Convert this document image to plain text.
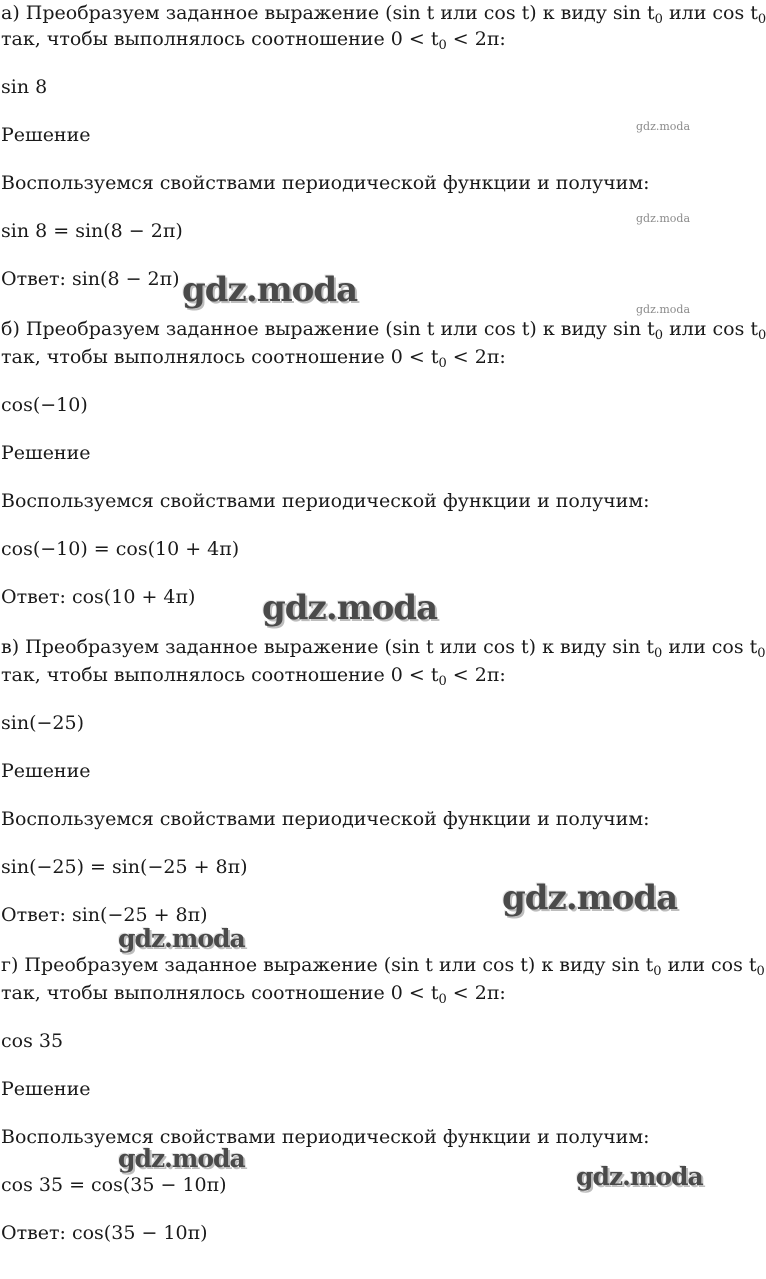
а) Преобразуем заданное выражение (sin t или cos t) к виду $\sin t_0$ или $\cos t_0$

так, чтобы выполнялось соотношение $0 < t_0 < 2\pi$:

sin 8

Решение

Воспользуемся свойствами периодической функции и получим:

sin 8 = sin(8 − 2π)

Ответ: sin(8 − 2π)

б) Преобразуем заданное выражение (sin t или cos t) к виду $\sin t_0$ или $\cos t_0$

так, чтобы выполнялось соотношение $0 < t_0 < 2\pi$:

cos(−10)

Решение

Воспользуемся свойствами периодической функции и получим:

cos(−10) = cos(10 + 4π)

Ответ: cos(10 + 4π)

в) Преобразуем заданное выражение (sin t или cos t) к виду $\sin t_0$ или $\cos t_0$

так, чтобы выполнялось соотношение $0 < t_0 < 2\pi$:

sin(−25)

Решение

Воспользуемся свойствами периодической функции и получим:

sin(−25) = sin(−25 + 8π)

Ответ: sin(−25 + 8π)

г) Преобразуем заданное выражение (sin t или cos t) к виду $\sin t_0$ или $\cos t_0$

так, чтобы выполнялось соотношение $0 < t_0 < 2\pi$:

cos 35

Решение

Воспользуемся свойствами периодической функции и получим:

cos 35 = cos(35 − 10π)

Ответ: cos(35 − 10π)

gdz.moda
gdz.moda
gdz.moda
gdz.moda
gdz.moda
gdz.moda
gdz.moda
gdz.moda
gdz.moda
